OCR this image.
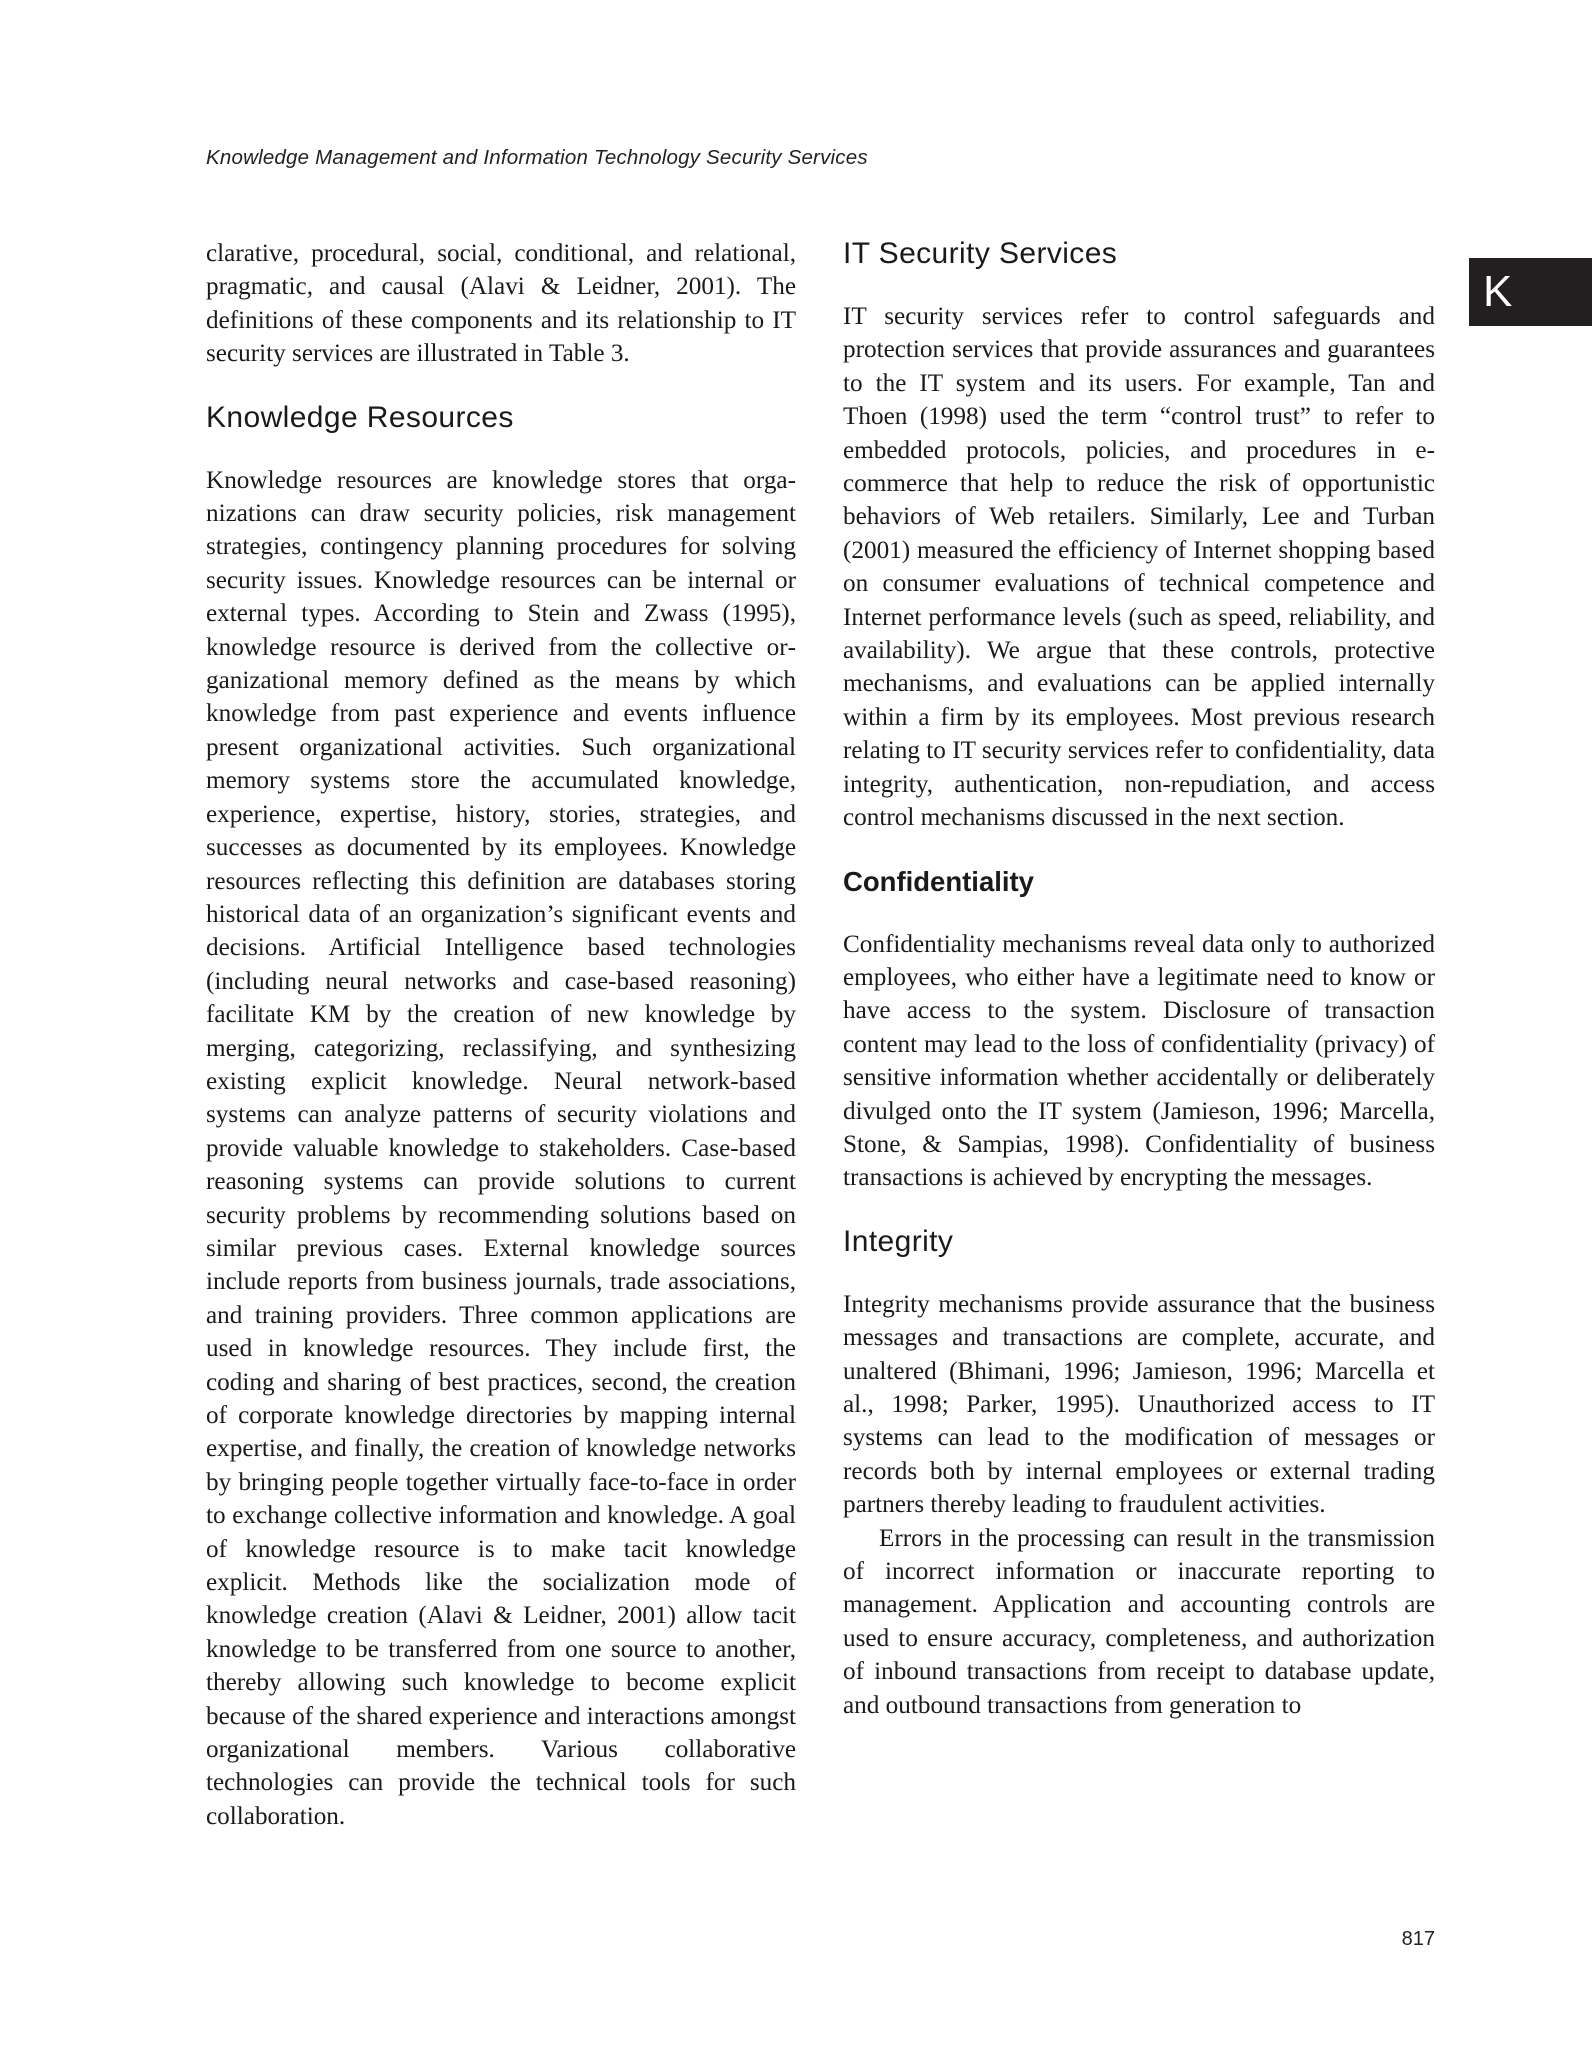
Knowledge Management and Information Technology Security Services
K

clarative, procedural, social, conditional, and relational, pragmatic, and causal (Alavi & Leidner, 2001). The definitions of these components and its relationship to IT security services are illustrated in Table 3.

Knowledge Resources

Knowledge resources are knowledge stores that organizations can draw security policies, risk management strategies, contingency planning procedures for solving security issues. Knowledge resources can be internal or external types. According to Stein and Zwass (1995), knowledge resource is derived from the collective organizational memory defined as the means by which knowledge from past experience and events influence present organizational activities. Such organizational memory systems store the accumulated knowledge, experience, expertise, history, stories, strategies, and successes as documented by its employees. Knowledge resources reflecting this definition are databases storing historical data of an organization’s significant events and decisions. Artificial Intelligence based technologies (including neural networks and case-based reasoning) facilitate KM by the creation of new knowledge by merging, categorizing, reclassifying, and synthesizing existing explicit knowledge. Neural network-based systems can analyze patterns of security violations and provide valuable knowledge to stakeholders. Case-based reasoning systems can provide solutions to current security problems by recommending solutions based on similar previous cases. External knowledge sources include reports from business journals, trade associations, and training providers. Three common applications are used in knowledge resources. They include first, the coding and sharing of best practices, second, the creation of corporate knowledge directories by mapping internal expertise, and finally, the creation of knowledge networks by bringing people together virtually face-to-face in order to exchange collective information and knowledge. A goal of knowledge resource is to make tacit knowledge explicit. Methods like the socialization mode of knowledge creation (Alavi & Leidner, 2001) allow tacit knowledge to be transferred from one source to another, thereby allowing such knowledge to become explicit because of the shared experience and interactions amongst organizational members. Various collaborative technologies can provide the technical tools for such collaboration.

IT Security Services

IT security services refer to control safeguards and protection services that provide assurances and guarantees to the IT system and its users. For example, Tan and Thoen (1998) used the term “control trust” to refer to embedded protocols, policies, and procedures in e-commerce that help to reduce the risk of opportunistic behaviors of Web retailers. Similarly, Lee and Turban (2001) measured the efficiency of Internet shopping based on consumer evaluations of technical competence and Internet performance levels (such as speed, reliability, and availability). We argue that these controls, protective mechanisms, and evaluations can be applied internally within a firm by its employees. Most previous research relating to IT security services refer to confidentiality, data integrity, authentication, non-repudiation, and access control mechanisms discussed in the next section.

Confidentiality

Confidentiality mechanisms reveal data only to authorized employees, who either have a legitimate need to know or have access to the system. Disclosure of transaction content may lead to the loss of confidentiality (privacy) of sensitive information whether accidentally or deliberately divulged onto the IT system (Jamieson, 1996; Marcella, Stone, & Sampias, 1998). Confidentiality of business transactions is achieved by encrypting the messages.

Integrity

Integrity mechanisms provide assurance that the business messages and transactions are complete, accurate, and unaltered (Bhimani, 1996; Jamieson, 1996; Marcella et al., 1998; Parker, 1995). Unauthorized access to IT systems can lead to the modification of messages or records both by internal employees or external trading partners thereby leading to fraudulent activities.

Errors in the processing can result in the transmission of incorrect information or inaccurate reporting to management. Application and accounting controls are used to ensure accuracy, completeness, and authorization of inbound transactions from receipt to database update, and outbound transactions from generation to

817
